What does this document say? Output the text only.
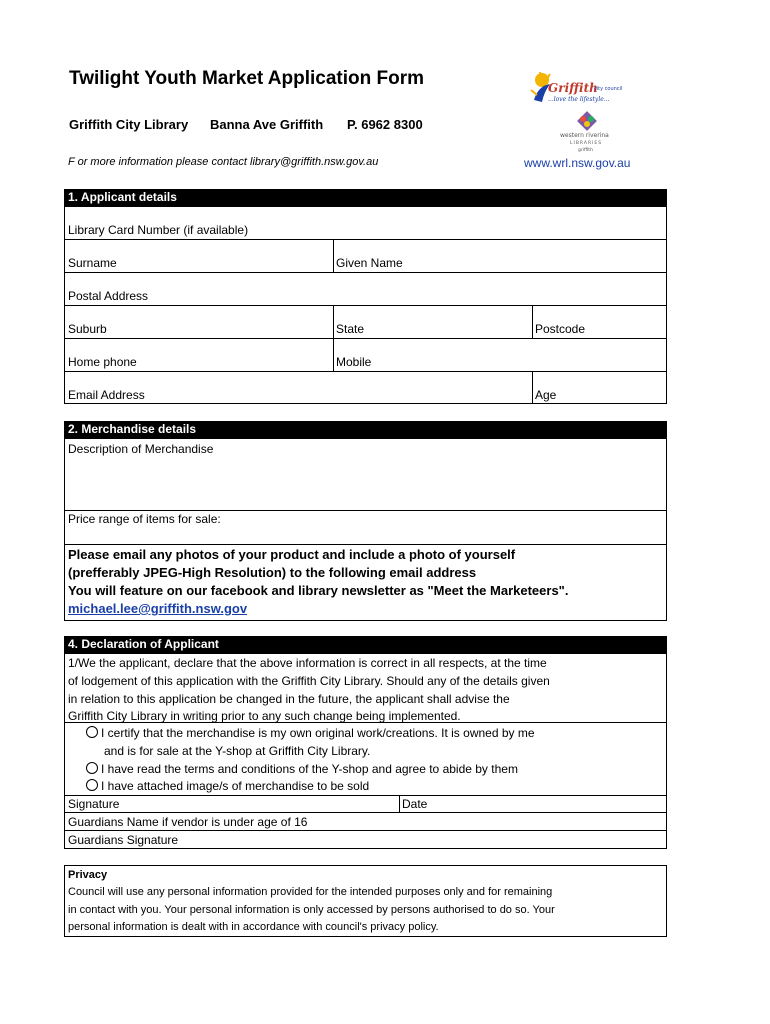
Twilight Youth Market Application Form
Griffith City Library Banna Ave Griffith P. 6962 8300
F or more information please contact library@griffith.nsw.gov.au	www.wrl.nsw.gov.au
Griffith
city council
...love the lifestyle...
western riverina
LIBRARIES
griffith
1. Applicant details
Library Card Number (if available)
Surname	Given Name
Postal Address
Suburb	State	Postcode
Home phone	Mobile
Email Address	Age
2. Merchandise details
Description of Merchandise
Price range of items for sale:
Please email any photos of your product and include a photo of yourself
(prefferably JPEG-High Resolution) to the following email address
You will feature on our facebook and library newsletter as "Meet the Marketeers".
michael.lee@griffith.nsw.gov
4. Declaration of Applicant
1/We the applicant, declare that the above information is correct in all respects, at the time
of lodgement of this application with the Griffith City Library. Should any of the details given
in relation to this application be changed in the future, the applicant shall advise the
Griffith City Library in writing prior to any such change being implemented.
I certify that the merchandise is my own original work/creations. It is owned by me
and is for sale at the Y-shop at Griffith City Library.
I have read the terms and conditions of the Y-shop and agree to abide by them
I have attached image/s of merchandise to be sold
Signature	Date
Guardians Name if vendor is under age of 16
Guardians Signature
Privacy
Council will use any personal information provided for the intended purposes only and for remaining
in contact with you. Your personal information is only accessed by persons authorised to do so. Your
personal information is dealt with in accordance with council's privacy policy.
